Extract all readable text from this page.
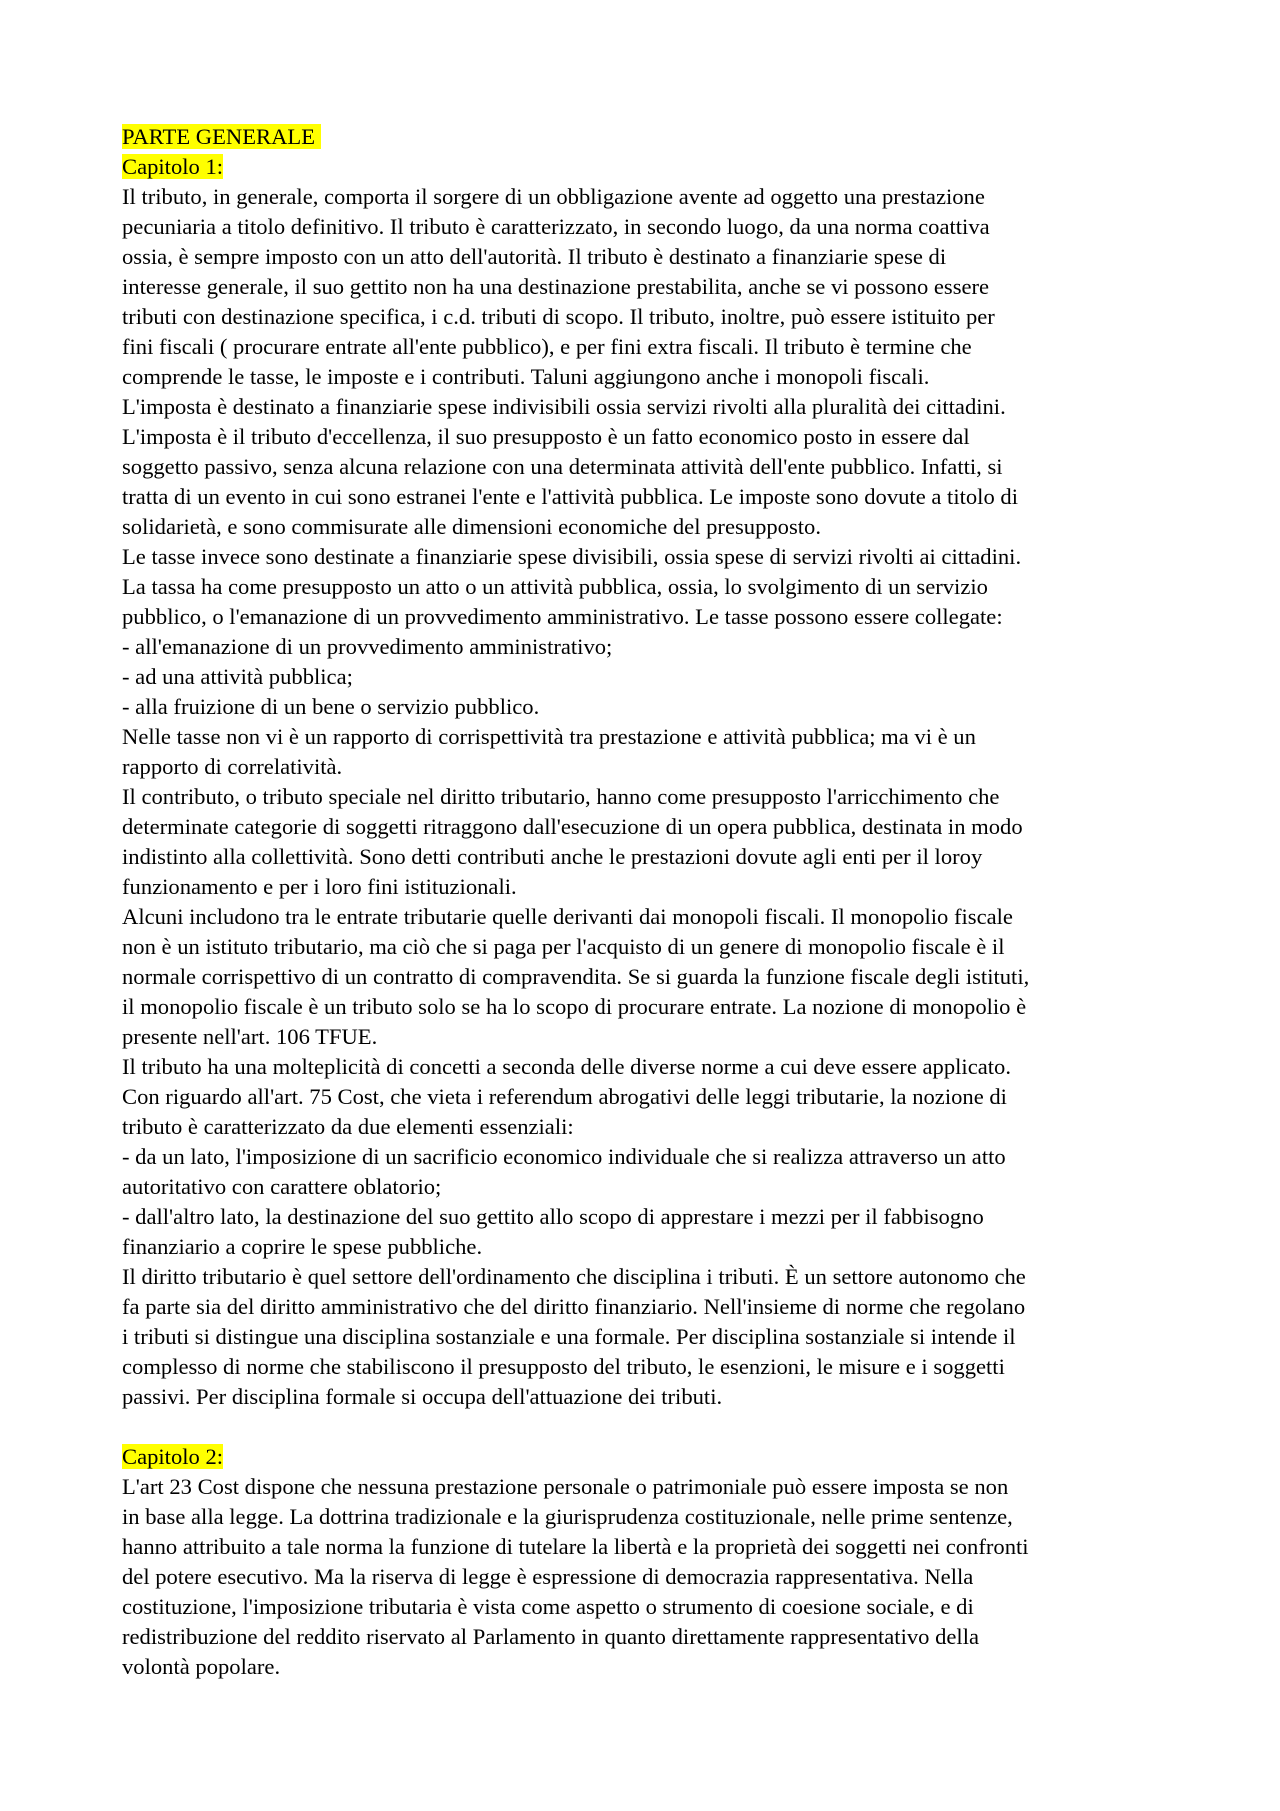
PARTE GENERALE
Capitolo 1:
Il tributo, in generale, comporta il sorgere di un obbligazione avente ad oggetto una prestazione
pecuniaria a titolo definitivo. Il tributo è caratterizzato, in secondo luogo, da una norma coattiva
ossia, è sempre imposto con un atto dell'autorità. Il tributo è destinato a finanziarie spese di
interesse generale, il suo gettito non ha una destinazione prestabilita, anche se vi possono essere
tributi con destinazione specifica, i c.d. tributi di scopo. Il tributo, inoltre, può essere istituito per
fini fiscali ( procurare entrate all'ente pubblico), e per fini extra fiscali. Il tributo è termine che
comprende le tasse, le imposte e i contributi. Taluni aggiungono anche i monopoli fiscali.
L'imposta è destinato a finanziarie spese indivisibili ossia servizi rivolti alla pluralità dei cittadini.
L'imposta è il tributo d'eccellenza, il suo presupposto è un fatto economico posto in essere dal
soggetto passivo, senza alcuna relazione con una determinata attività dell'ente pubblico. Infatti, si
tratta di un evento in cui sono estranei l'ente e l'attività pubblica. Le imposte sono dovute a titolo di
solidarietà, e sono commisurate alle dimensioni economiche del presupposto.
Le tasse invece sono destinate a finanziarie spese divisibili, ossia spese di servizi rivolti ai cittadini.
La tassa ha come presupposto un atto o un attività pubblica, ossia, lo svolgimento di un servizio
pubblico, o l'emanazione di un provvedimento amministrativo. Le tasse possono essere collegate:
- all'emanazione di un provvedimento amministrativo;
- ad una attività pubblica;
- alla fruizione di un bene o servizio pubblico.
Nelle tasse non vi è un rapporto di corrispettività tra prestazione e attività pubblica; ma vi è un
rapporto di correlatività.
Il contributo, o tributo speciale nel diritto tributario, hanno come presupposto l'arricchimento che
determinate categorie di soggetti ritraggono dall'esecuzione di un opera pubblica, destinata in modo
indistinto alla collettività. Sono detti contributi anche le prestazioni dovute agli enti per il loroy
funzionamento e per i loro fini istituzionali.
Alcuni includono tra le entrate tributarie quelle derivanti dai monopoli fiscali. Il monopolio fiscale
non è un istituto tributario, ma ciò che si paga per l'acquisto di un genere di monopolio fiscale è il
normale corrispettivo di un contratto di compravendita. Se si guarda la funzione fiscale degli istituti,
il monopolio fiscale è un tributo solo se ha lo scopo di procurare entrate. La nozione di monopolio è
presente nell'art. 106 TFUE.
Il tributo ha una molteplicità di concetti a seconda delle diverse norme a cui deve essere applicato.
Con riguardo all'art. 75 Cost, che vieta i referendum abrogativi delle leggi tributarie, la nozione di
tributo è caratterizzato da due elementi essenziali:
- da un lato, l'imposizione di un sacrificio economico individuale che si realizza attraverso un atto
autoritativo con carattere oblatorio;
- dall'altro lato, la destinazione del suo gettito allo scopo di apprestare i mezzi per il fabbisogno
finanziario a coprire le spese pubbliche.
Il diritto tributario è quel settore dell'ordinamento che disciplina i tributi. È un settore autonomo che
fa parte sia del diritto amministrativo che del diritto finanziario. Nell'insieme di norme che regolano
i tributi si distingue una disciplina sostanziale e una formale. Per disciplina sostanziale si intende il
complesso di norme che stabiliscono il presupposto del tributo, le esenzioni, le misure e i soggetti
passivi. Per disciplina formale si occupa dell'attuazione dei tributi.
Capitolo 2:
L'art 23 Cost dispone che nessuna prestazione personale o patrimoniale può essere imposta se non
in base alla legge. La dottrina tradizionale e la giurisprudenza costituzionale, nelle prime sentenze,
hanno attribuito a tale norma la funzione di tutelare la libertà e la proprietà dei soggetti nei confronti
del potere esecutivo. Ma la riserva di legge è espressione di democrazia rappresentativa. Nella
costituzione, l'imposizione tributaria è vista come aspetto o strumento di coesione sociale, e di
redistribuzione del reddito riservato al Parlamento in quanto direttamente rappresentativo della
volontà popolare.
